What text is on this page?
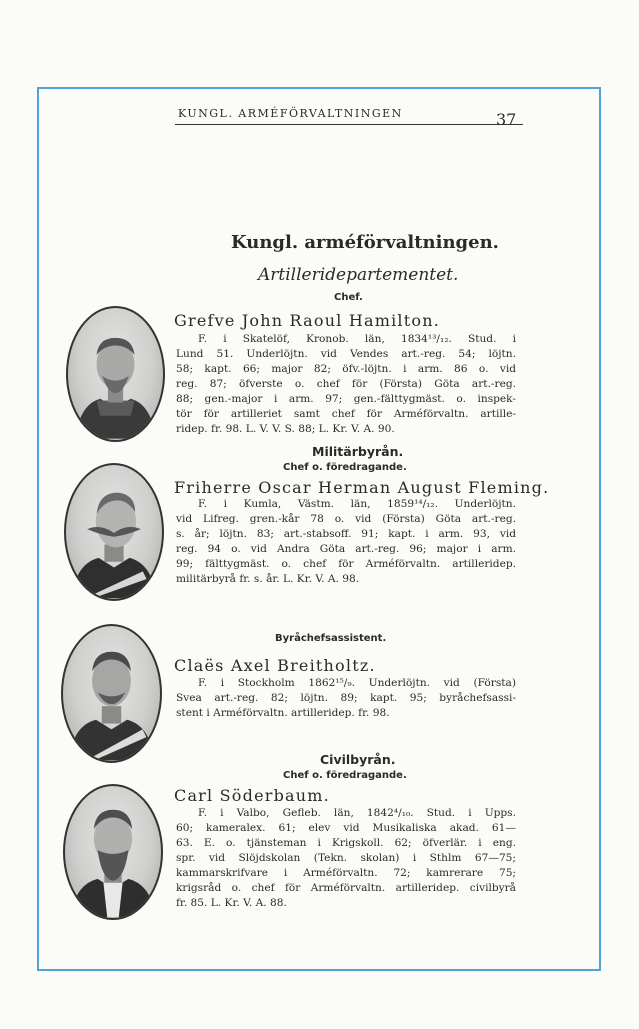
KUNGL. ARMÉFÖRVALTNINGEN	37
Kungl. arméförvaltningen.
Artilleridepartementet.
Chef.
Grefve John Raoul Hamilton.
F. i Skatelöf, Kronob. län, 1834¹³/₁₂. Stud. i
Lund 51. Underlöjtn. vid Vendes art.-reg. 54; löjtn.
58; kapt. 66; major 82; öfv.-löjtn. i arm. 86 o. vid
reg. 87; öfverste o. chef för (Första) Göta art.-reg.
88; gen.-major i arm. 97; gen.-fälttygmäst. o. inspek-
tör för artilleriet samt chef för Arméförvaltn. artille-
ridep. fr. 98. L. V. V. S. 88; L. Kr. V. A. 90.
Militärbyrån.
Chef o. föredragande.
Friherre Oscar Herman August Fleming.
F. i Kumla, Västm. län, 1859¹⁴/₁₂. Underlöjtn.
vid Lifreg. gren.-kår 78 o. vid (Första) Göta art.-reg.
s. år; löjtn. 83; art.-stabsoff. 91; kapt. i arm. 93, vid
reg. 94 o. vid Andra Göta art.-reg. 96; major i arm.
99; fälttygmäst. o. chef för Arméförvaltn. artilleridep.
militärbyrå fr. s. år. L. Kr. V. A. 98.
Byråchefsassistent.
Claës Axel Breitholtz.
F. i Stockholm 1862¹⁵/₉. Underlöjtn. vid (Första)
Svea art.-reg. 82; löjtn. 89; kapt. 95; byråchefsassi-
stent i Arméförvaltn. artilleridep. fr. 98.
Civilbyrån.
Chef o. föredragande.
Carl Söderbaum.
F. i Valbo, Gefleb. län, 1842⁴/₁₀. Stud. i Upps.
60; kameralex. 61; elev vid Musikaliska akad. 61—
63. E. o. tjänsteman i Krigskoll. 62; öfverlär. i eng.
spr. vid Slöjdskolan (Tekn. skolan) i Sthlm 67—75;
kammarskrifvare i Arméförvaltn. 72; kamrerare 75;
krigsråd o. chef för Arméförvaltn. artilleridep. civilbyrå
fr. 85. L. Kr. V. A. 88.
